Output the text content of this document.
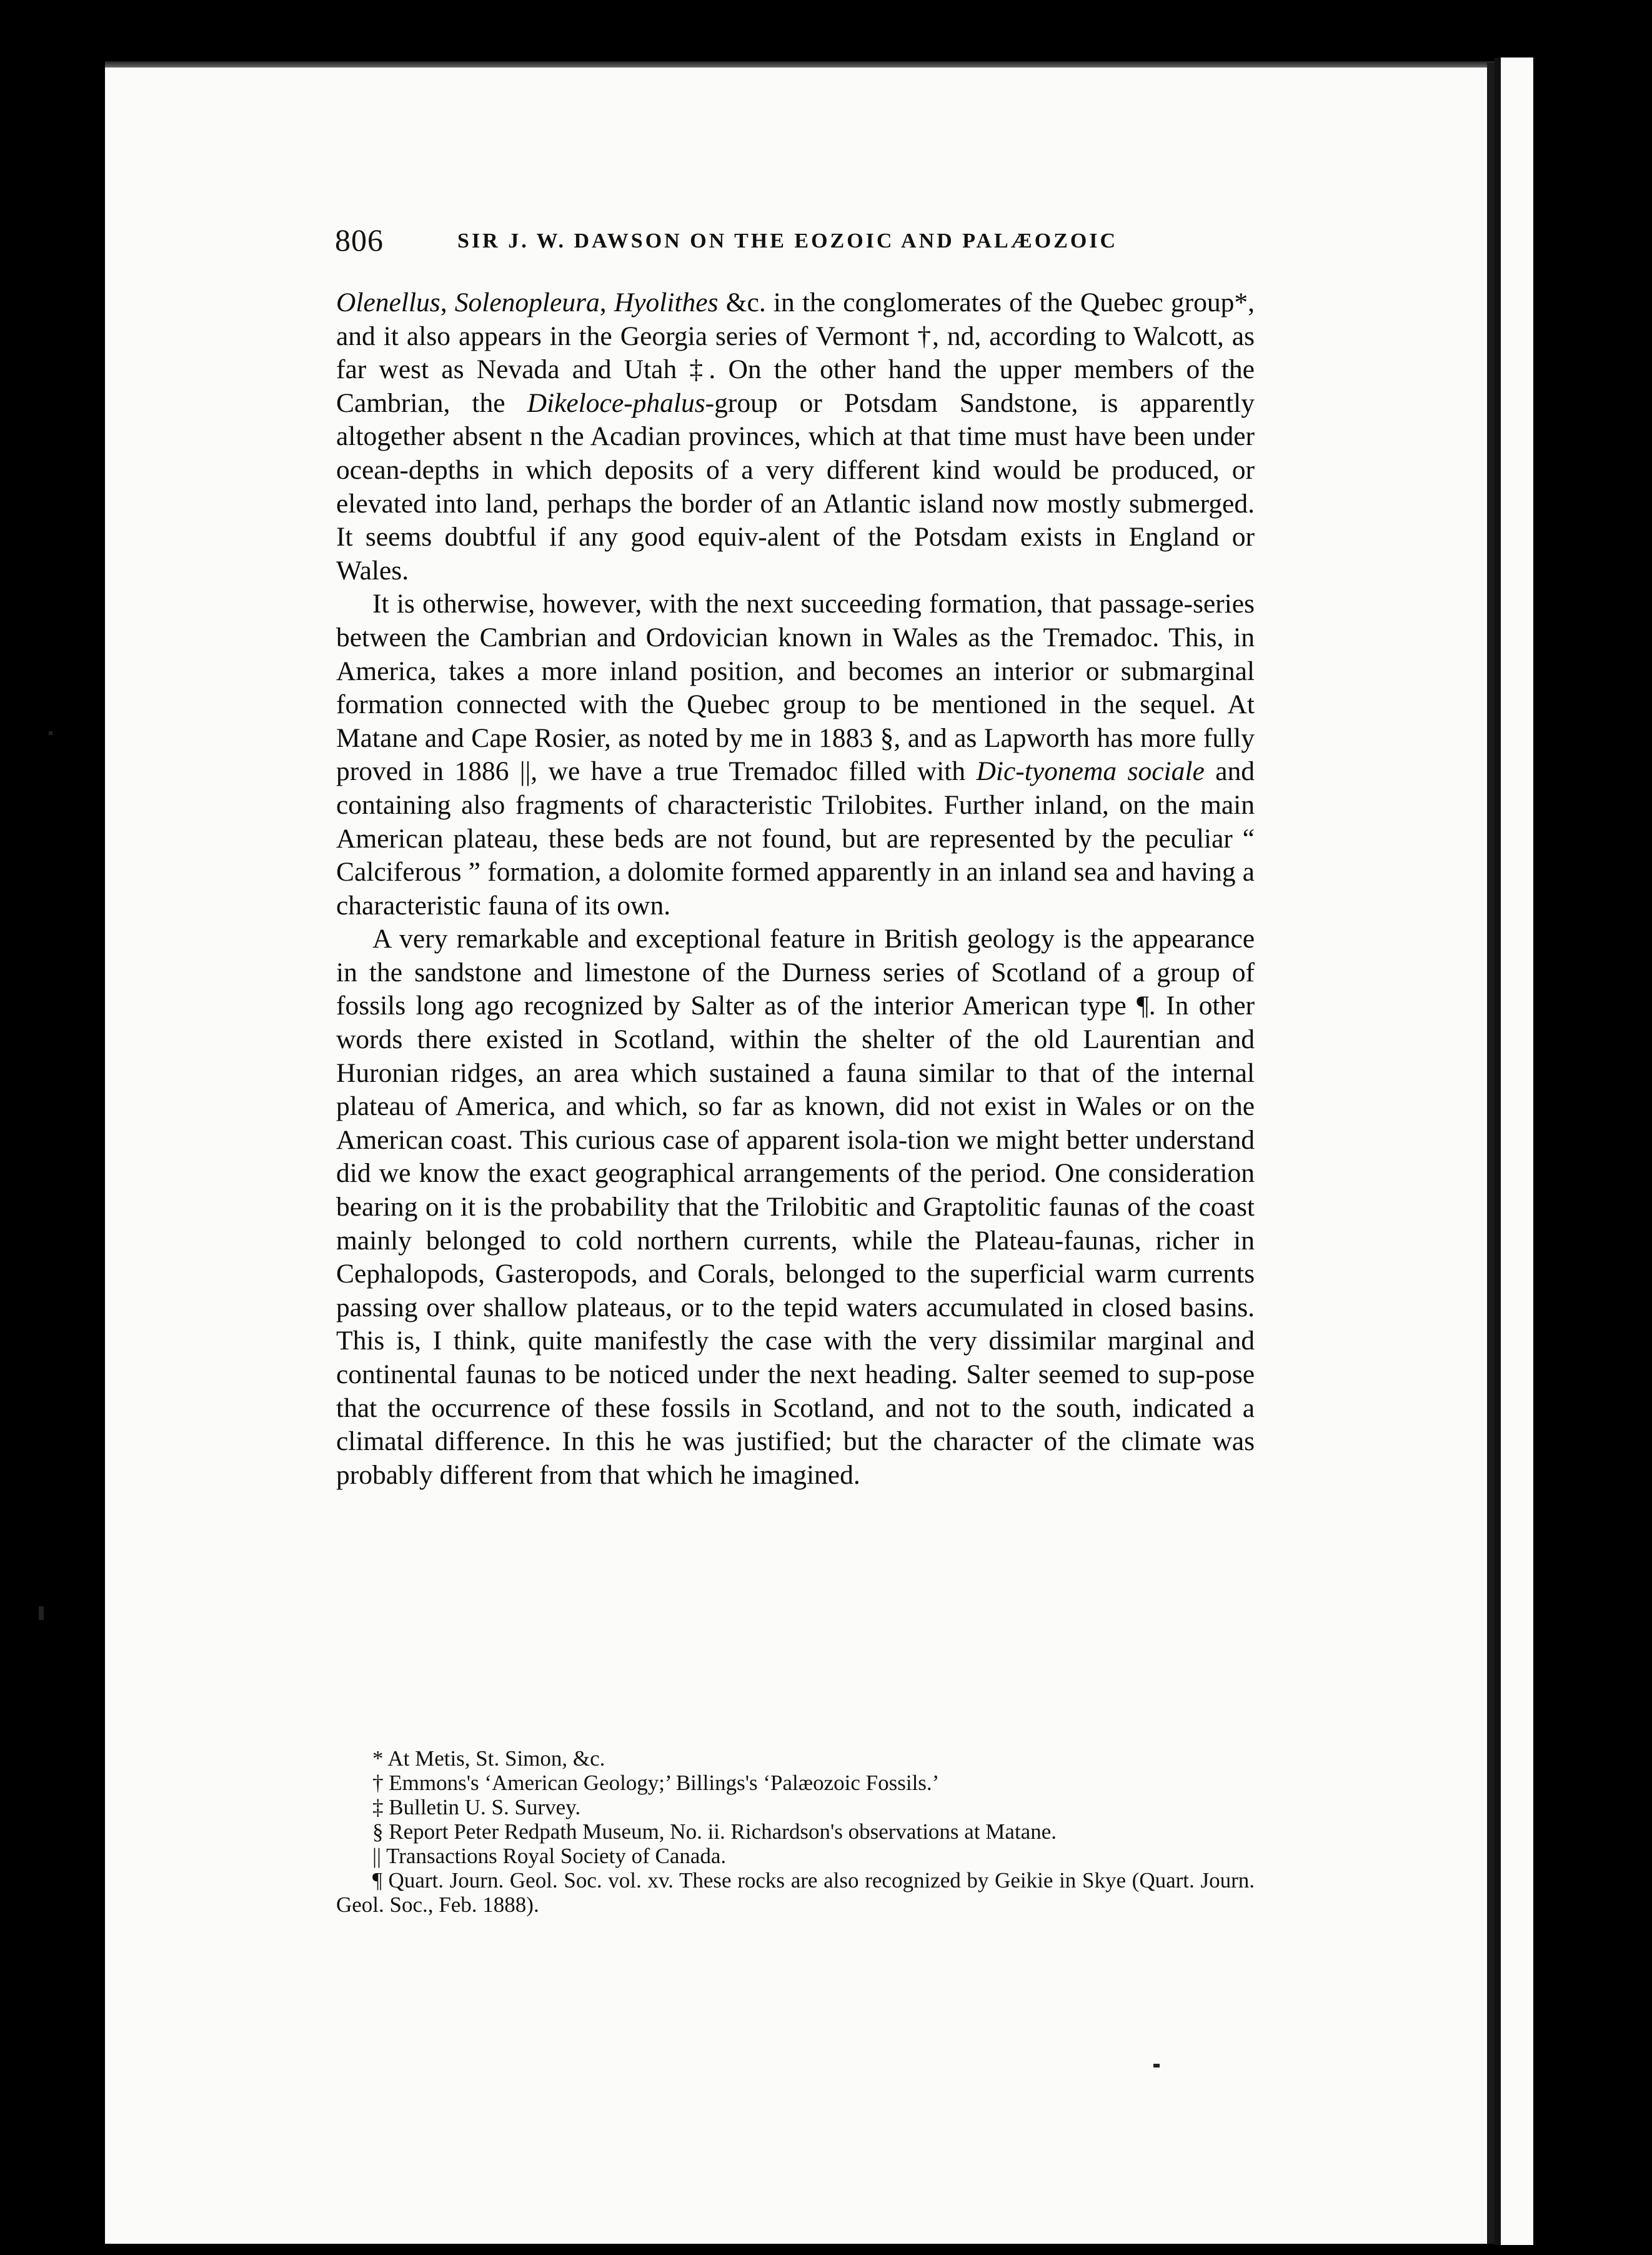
806	SIR J. W. DAWSON ON THE EOZOIC AND PALÆOZOIC

Olenellus, Solenopleura, Hyolithes &c. in the conglomerates of the Quebec group*, and it also appears in the Georgia series of Vermont †, nd, according to Walcott, as far west as Nevada and Utah ‡. On the other hand the upper members of the Cambrian, the Dikeloce-phalus-group or Potsdam Sandstone, is apparently altogether absent n the Acadian provinces, which at that time must have been under ocean-depths in which deposits of a very different kind would be produced, or elevated into land, perhaps the border of an Atlantic island now mostly submerged. It seems doubtful if any good equiv-alent of the Potsdam exists in England or Wales.

It is otherwise, however, with the next succeeding formation, that passage-series between the Cambrian and Ordovician known in Wales as the Tremadoc. This, in America, takes a more inland position, and becomes an interior or submarginal formation connected with the Quebec group to be mentioned in the sequel. At Matane and Cape Rosier, as noted by me in 1883 §, and as Lapworth has more fully proved in 1886 ||, we have a true Tremadoc filled with Dic-tyonema sociale and containing also fragments of characteristic Trilobites. Further inland, on the main American plateau, these beds are not found, but are represented by the peculiar “ Calciferous ” formation, a dolomite formed apparently in an inland sea and having a characteristic fauna of its own.

A very remarkable and exceptional feature in British geology is the appearance in the sandstone and limestone of the Durness series of Scotland of a group of fossils long ago recognized by Salter as of the interior American type ¶. In other words there existed in Scotland, within the shelter of the old Laurentian and Huronian ridges, an area which sustained a fauna similar to that of the internal plateau of America, and which, so far as known, did not exist in Wales or on the American coast. This curious case of apparent isola-tion we might better understand did we know the exact geographical arrangements of the period. One consideration bearing on it is the probability that the Trilobitic and Graptolitic faunas of the coast mainly belonged to cold northern currents, while the Plateau-faunas, richer in Cephalopods, Gasteropods, and Corals, belonged to the superficial warm currents passing over shallow plateaus, or to the tepid waters accumulated in closed basins. This is, I think, quite manifestly the case with the very dissimilar marginal and continental faunas to be noticed under the next heading. Salter seemed to sup-pose that the occurrence of these fossils in Scotland, and not to the south, indicated a climatal difference. In this he was justified; but the character of the climate was probably different from that which he imagined.

* At Metis, St. Simon, &c.

† Emmons's ‘American Geology;’ Billings's ‘Palæozoic Fossils.’

‡ Bulletin U. S. Survey.

§ Report Peter Redpath Museum, No. ii. Richardson's observations at Matane.

|| Transactions Royal Society of Canada.

¶ Quart. Journ. Geol. Soc. vol. xv. These rocks are also recognized by Geikie in Skye (Quart. Journ. Geol. Soc., Feb. 1888).
